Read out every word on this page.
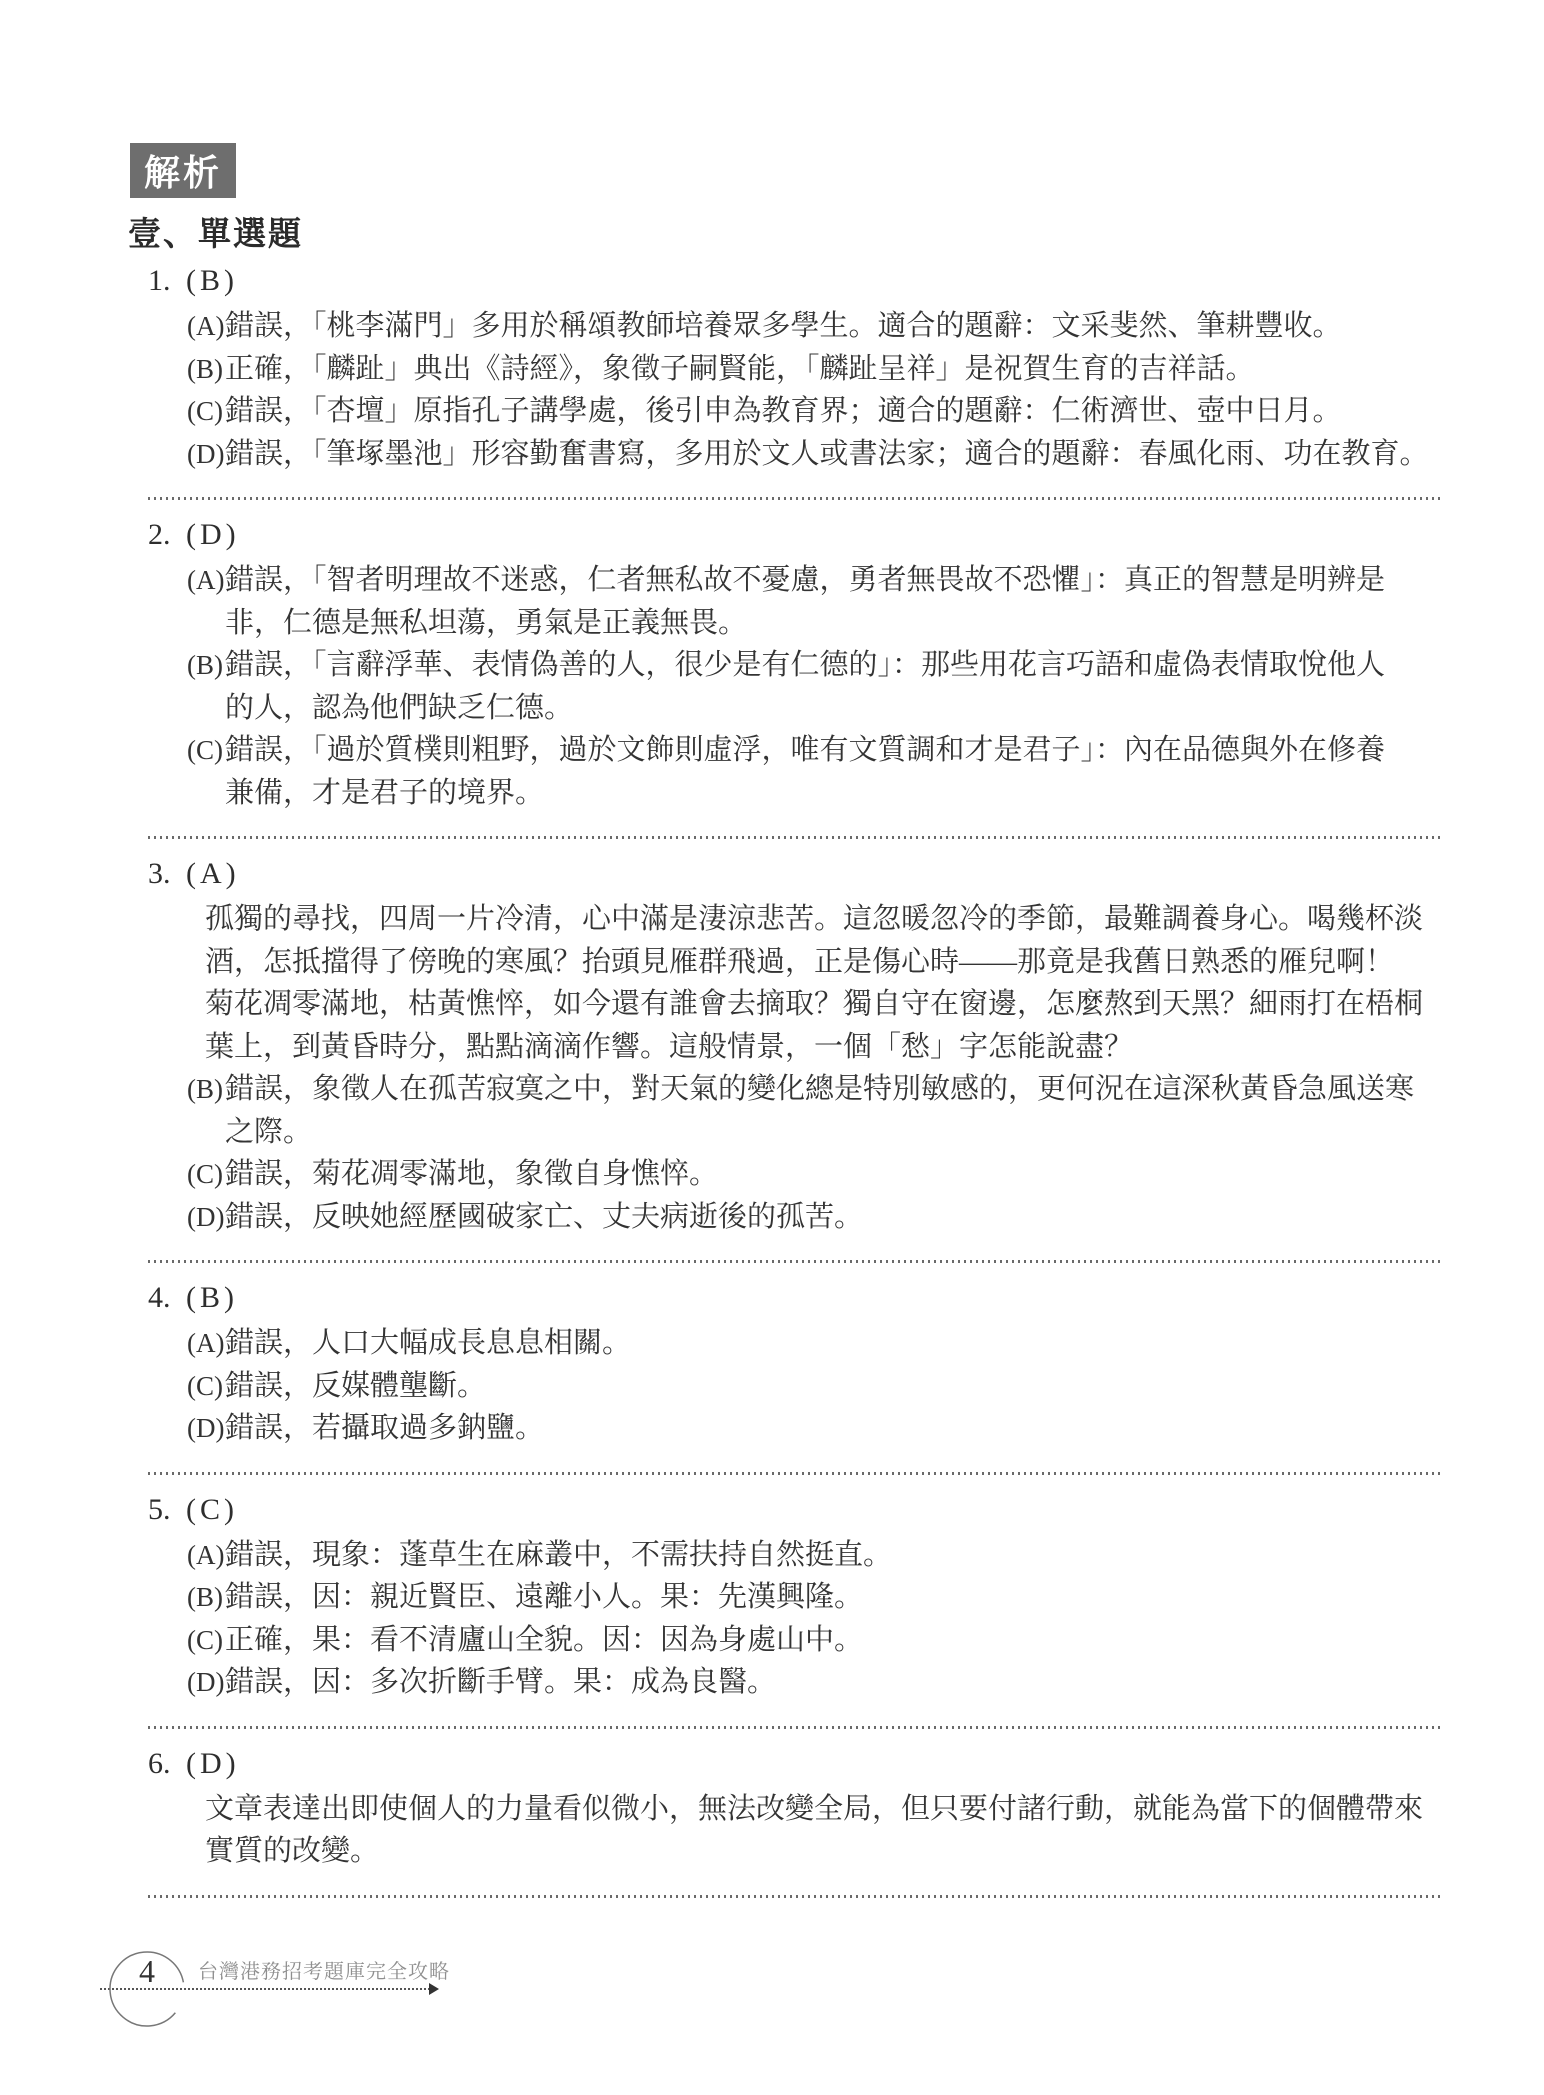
解析
壹、單選題
1. (B)
(A)錯誤，「桃李滿門」多用於稱頌教師培養眾多學生。適合的題辭：文采斐然、筆耕豐收。
(B)正確，「麟趾」典出《詩經》，象徵子嗣賢能，「麟趾呈祥」是祝賀生育的吉祥話。
(C)錯誤，「杏壇」原指孔子講學處，後引申為教育界；適合的題辭：仁術濟世、壺中日月。
(D)錯誤，「筆塚墨池」形容勤奮書寫，多用於文人或書法家；適合的題辭：春風化雨、功在教育。
2. (D)
(A)錯誤，「智者明理故不迷惑，仁者無私故不憂慮，勇者無畏故不恐懼」：真正的智慧是明辨是
非，仁德是無私坦蕩，勇氣是正義無畏。
(B)錯誤，「言辭浮華、表情偽善的人，很少是有仁德的」：那些用花言巧語和虛偽表情取悅他人
的人，認為他們缺乏仁德。
(C)錯誤，「過於質樸則粗野，過於文飾則虛浮，唯有文質調和才是君子」：內在品德與外在修養
兼備，才是君子的境界。
3. (A)
孤獨的尋找，四周一片冷清，心中滿是淒涼悲苦。這忽暖忽冷的季節，最難調養身心。喝幾杯淡
酒，怎抵擋得了傍晚的寒風？抬頭見雁群飛過，正是傷心時——那竟是我舊日熟悉的雁兒啊！
菊花凋零滿地，枯黃憔悴，如今還有誰會去摘取？獨自守在窗邊，怎麼熬到天黑？細雨打在梧桐
葉上，到黃昏時分，點點滴滴作響。這般情景，一個「愁」字怎能說盡？
(B)錯誤，象徵人在孤苦寂寞之中，對天氣的變化總是特別敏感的，更何況在這深秋黃昏急風送寒
之際。
(C)錯誤，菊花凋零滿地，象徵自身憔悴。
(D)錯誤，反映她經歷國破家亡、丈夫病逝後的孤苦。
4. (B)
(A)錯誤，人口大幅成長息息相關。
(C)錯誤，反媒體壟斷。
(D)錯誤，若攝取過多鈉鹽。
5. (C)
(A)錯誤，現象：蓬草生在麻叢中，不需扶持自然挺直。
(B)錯誤，因：親近賢臣、遠離小人。果：先漢興隆。
(C)正確，果：看不清廬山全貌。因：因為身處山中。
(D)錯誤，因：多次折斷手臂。果：成為良醫。
6. (D)
文章表達出即使個人的力量看似微小，無法改變全局，但只要付諸行動，就能為當下的個體帶來
實質的改變。
4	台灣港務招考題庫完全攻略
